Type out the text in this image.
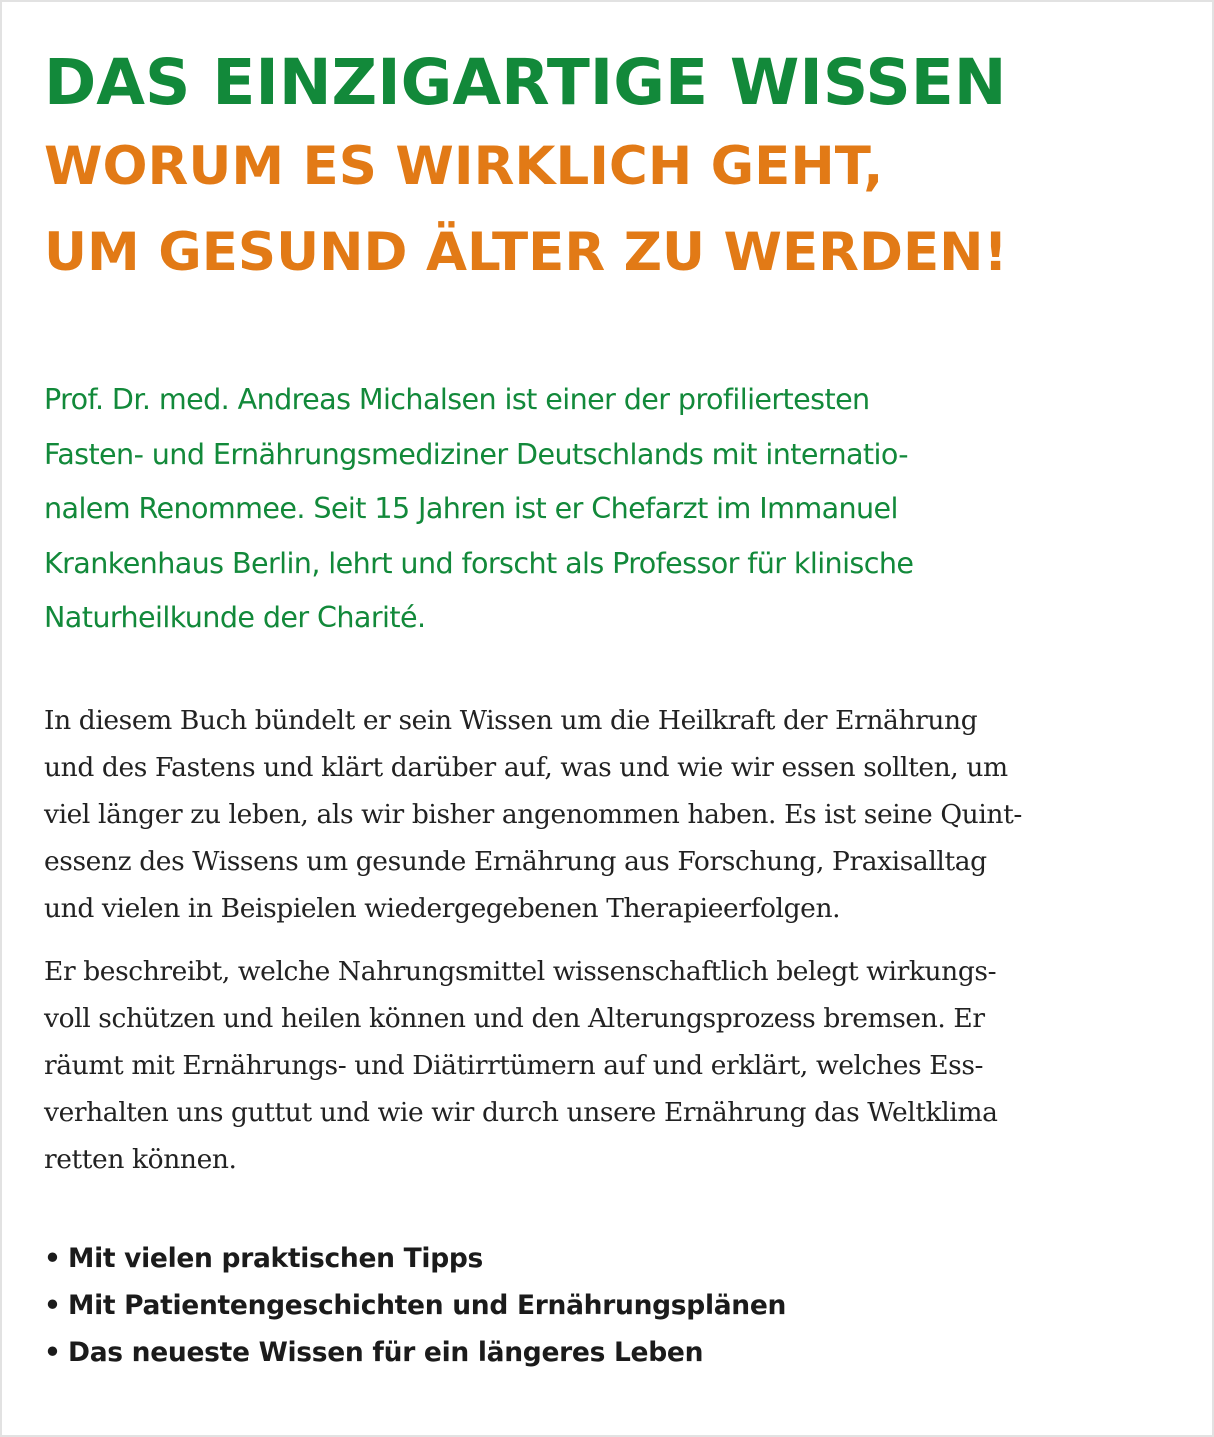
DAS EINZIGARTIGE WISSEN
WORUM ES WIRKLICH GEHT,
UM GESUND ÄLTER ZU WERDEN!

Prof. Dr. med. Andreas Michalsen ist einer der profiliertesten
Fasten- und Ernährungsmediziner Deutschlands mit internatio-
nalem Renommee. Seit 15 Jahren ist er Chefarzt im Immanuel
Krankenhaus Berlin, lehrt und forscht als Professor für klinische
Naturheilkunde der Charité.

In diesem Buch bündelt er sein Wissen um die Heilkraft der Ernährung
und des Fastens und klärt darüber auf, was und wie wir essen sollten, um
viel länger zu leben, als wir bisher angenommen haben. Es ist seine Quint-
essenz des Wissens um gesunde Ernährung aus Forschung, Praxisalltag
und vielen in Beispielen wiedergegebenen Therapieerfolgen.

Er beschreibt, welche Nahrungsmittel wissenschaftlich belegt wirkungs-
voll schützen und heilen können und den Alterungsprozess bremsen. Er
räumt mit Ernährungs- und Diätirrtümern auf und erklärt, welches Ess-
verhalten uns guttut und wie wir durch unsere Ernährung das Weltklima
retten können.

• Mit vielen praktischen Tipps
• Mit Patientengeschichten und Ernährungsplänen
• Das neueste Wissen für ein längeres Leben
